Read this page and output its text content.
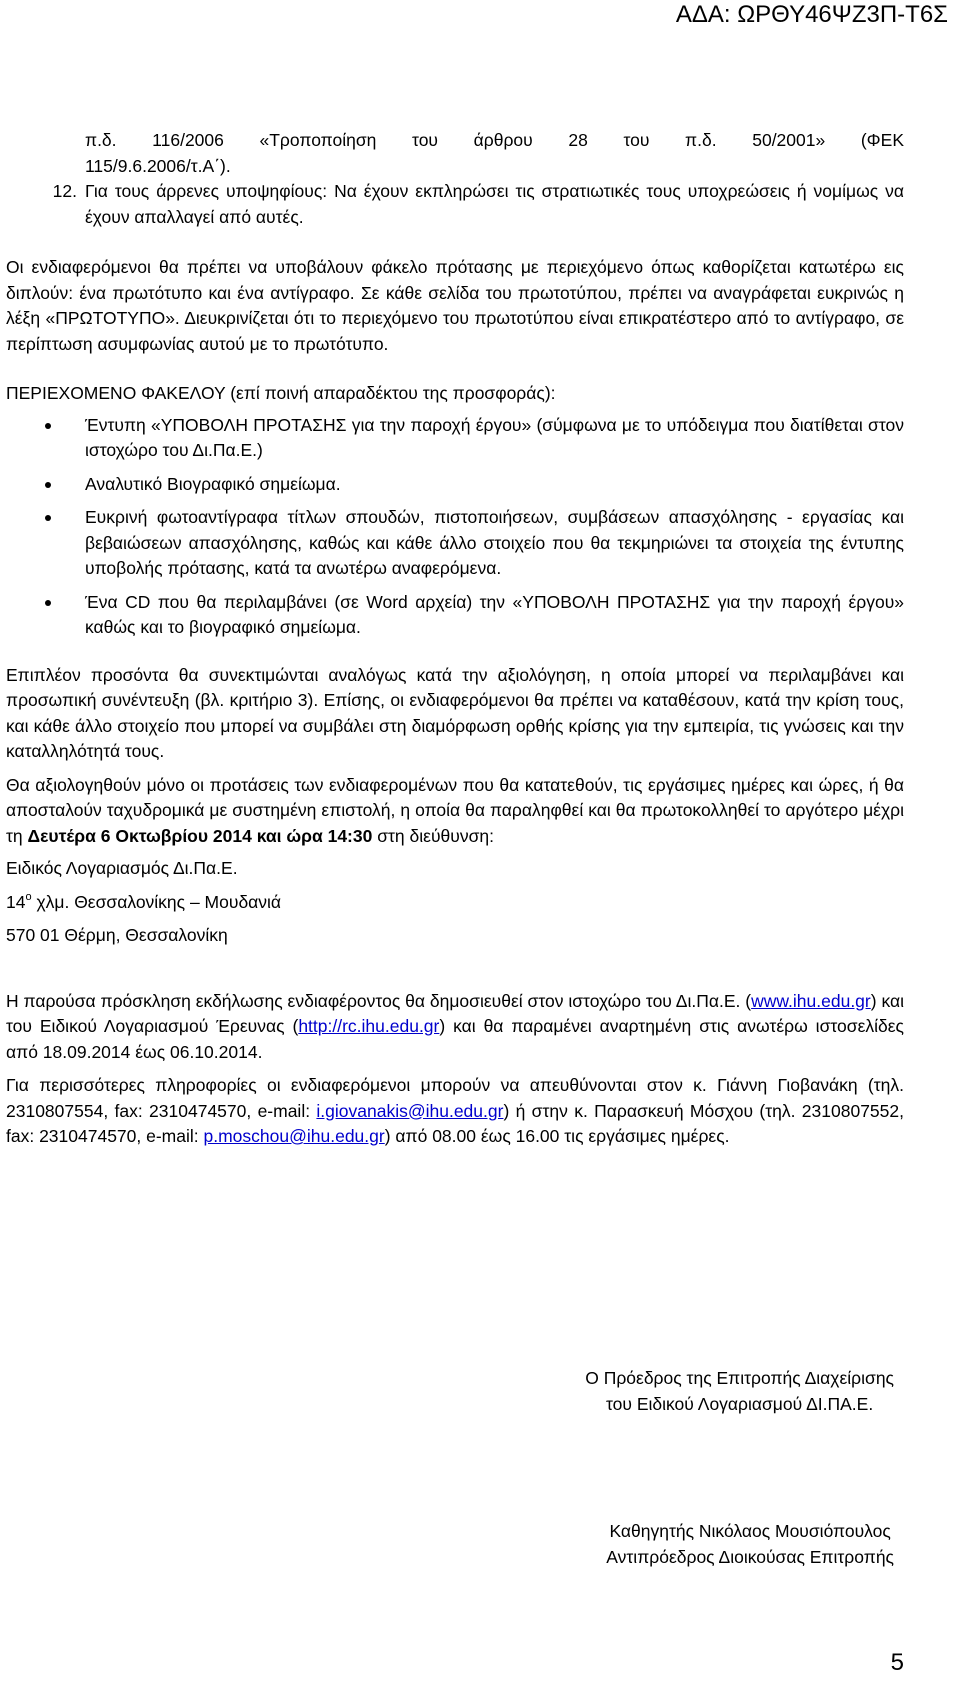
ΑΔΑ: ΩΡΘΥ46ΨΖ3Π-Τ6Σ
π.δ. 116/2006 «Τροποποίηση του άρθρου 28 του π.δ. 50/2001» (ΦΕΚ
115/9.6.2006/τ.Α΄).
12. Για τους άρρενες υποψηφίους: Να έχουν εκπληρώσει τις στρατιωτικές τους υποχρεώσεις ή νομίμως να έχουν απαλλαγεί από αυτές.

Οι ενδιαφερόμενοι θα πρέπει να υποβάλουν φάκελο πρότασης με περιεχόμενο όπως καθορίζεται κατωτέρω εις διπλούν: ένα πρωτότυπο και ένα αντίγραφο. Σε κάθε σελίδα του πρωτοτύπου, πρέπει να αναγράφεται ευκρινώς η λέξη «ΠΡΩΤΟΤΥΠΟ». Διευκρινίζεται ότι το περιεχόμενο του πρωτοτύπου είναι επικρατέστερο από το αντίγραφο, σε περίπτωση ασυμφωνίας αυτού με το πρωτότυπο.

ΠΕΡΙΕΧΟΜΕΝΟ ΦΑΚΕΛΟΥ (επί ποινή απαραδέκτου της προσφοράς):

Έντυπη «ΥΠΟΒΟΛΗ ΠΡΟΤΑΣΗΣ για την παροχή έργου» (σύμφωνα με το υπόδειγμα που διατίθεται στον ιστοχώρο του Δι.Πα.Ε.)
Αναλυτικό Βιογραφικό σημείωμα.
Ευκρινή φωτοαντίγραφα τίτλων σπουδών, πιστοποιήσεων, συμβάσεων απασχόλησης - εργασίας και βεβαιώσεων απασχόλησης, καθώς και κάθε άλλο στοιχείο που θα τεκμηριώνει τα στοιχεία της έντυπης υποβολής πρότασης, κατά τα ανωτέρω αναφερόμενα.
Ένα CD που θα περιλαμβάνει (σε Word αρχεία) την «ΥΠΟΒΟΛΗ ΠΡΟΤΑΣΗΣ για την παροχή έργου» καθώς και το βιογραφικό σημείωμα.

Επιπλέον προσόντα θα συνεκτιμώνται αναλόγως κατά την αξιολόγηση, η οποία μπορεί να περιλαμβάνει και προσωπική συνέντευξη (βλ. κριτήριο 3). Επίσης, οι ενδιαφερόμενοι θα πρέπει να καταθέσουν, κατά την κρίση τους, και κάθε άλλο στοιχείο που μπορεί να συμβάλει στη διαμόρφωση ορθής κρίσης για την εμπειρία, τις γνώσεις και την καταλληλότητά τους.

Θα αξιολογηθούν μόνο οι προτάσεις των ενδιαφερομένων που θα κατατεθούν, τις εργάσιμες ημέρες και ώρες, ή θα αποσταλούν ταχυδρομικά με συστημένη επιστολή, η οποία θα παραληφθεί και θα πρωτοκολληθεί το αργότερο μέχρι τη Δευτέρα 6 Οκτωβρίου 2014 και ώρα 14:30 στη διεύθυνση:

Ειδικός Λογαριασμός Δι.Πα.Ε.
$14^o$ χλμ. Θεσσαλονίκης – Μουδανιά
570 01 Θέρμη, Θεσσαλονίκη

Η παρούσα πρόσκληση εκδήλωσης ενδιαφέροντος θα δημοσιευθεί στον ιστοχώρο του Δι.Πα.Ε. (www.ihu.edu.gr) και του Ειδικού Λογαριασμού Έρευνας (http://rc.ihu.edu.gr) και θα παραμένει αναρτημένη στις ανωτέρω ιστοσελίδες από 18.09.2014 έως 06.10.2014.

Για περισσότερες πληροφορίες οι ενδιαφερόμενοι μπορούν να απευθύνονται στον κ. Γιάννη Γιοβανάκη (τηλ. 2310807554, fax: 2310474570, e-mail: i.giovanakis@ihu.edu.gr) ή στην κ. Παρασκευή Μόσχου (τηλ. 2310807552, fax: 2310474570, e-mail: p.moschou@ihu.edu.gr) από 08.00 έως 16.00 τις εργάσιμες ημέρες.

Ο Πρόεδρος της Επιτροπής Διαχείρισης
του Ειδικού Λογαριασμού ΔΙ.ΠΑ.Ε.
Καθηγητής Νικόλαος Μουσιόπουλος
Αντιπρόεδρος Διοικούσας Επιτροπής
5
